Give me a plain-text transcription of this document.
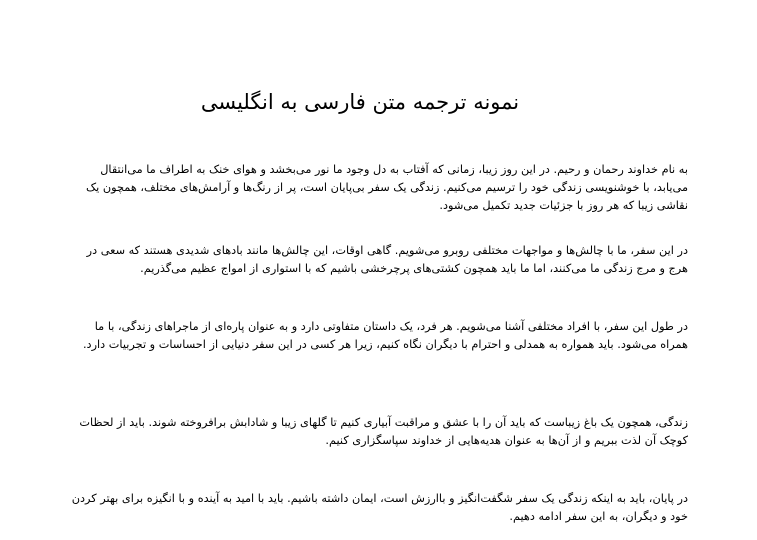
نمونه ترجمه متن فارسی به انگلیسی

به نام خداوند رحمان و رحیم. در این روز زیبا، زمانی که آفتاب به دل وجود ما نور می‌بخشد و هوای خنک به اطراف ما می‌انتقال می‌یابد، با خوشنویسی زندگی خود را ترسیم می‌کنیم. زندگی یک سفر بی‌پایان است، پر از رنگ‌ها و آرامش‌های مختلف، همچون یک نقاشی زیبا که هر روز با جزئیات جدید تکمیل می‌شود.

در این سفر، ما با چالش‌ها و مواجهات مختلفی روبرو می‌شویم. گاهی اوقات، این چالش‌ها مانند بادهای شدیدی هستند که سعی در هرج و مرج زندگی ما می‌کنند، اما ما باید همچون کشتی‌های پرچرخشی باشیم که با استواری از امواج عظیم می‌گذریم.

در طول این سفر، با افراد مختلفی آشنا می‌شویم. هر فرد، یک داستان متفاوتی دارد و به عنوان پاره‌ای از ماجراهای زندگی، با ما همراه می‌شود. باید همواره به همدلی و احترام با دیگران نگاه کنیم، زیرا هر کسی در این سفر دنیایی از احساسات و تجربیات دارد.

زندگی، همچون یک باغ زیباست که باید آن را با عشق و مراقبت آبیاری کنیم تا گلهای زیبا و شادابش برافروخته شوند. باید از لحظات کوچک آن لذت ببریم و از آن‌ها به عنوان هدیه‌هایی از خداوند سپاسگزاری کنیم.

در پایان، باید به اینکه زندگی یک سفر شگفت‌انگیز و باارزش است، ایمان داشته باشیم. باید با امید به آینده و با انگیزه برای بهتر کردن خود و دیگران، به این سفر ادامه دهیم.
